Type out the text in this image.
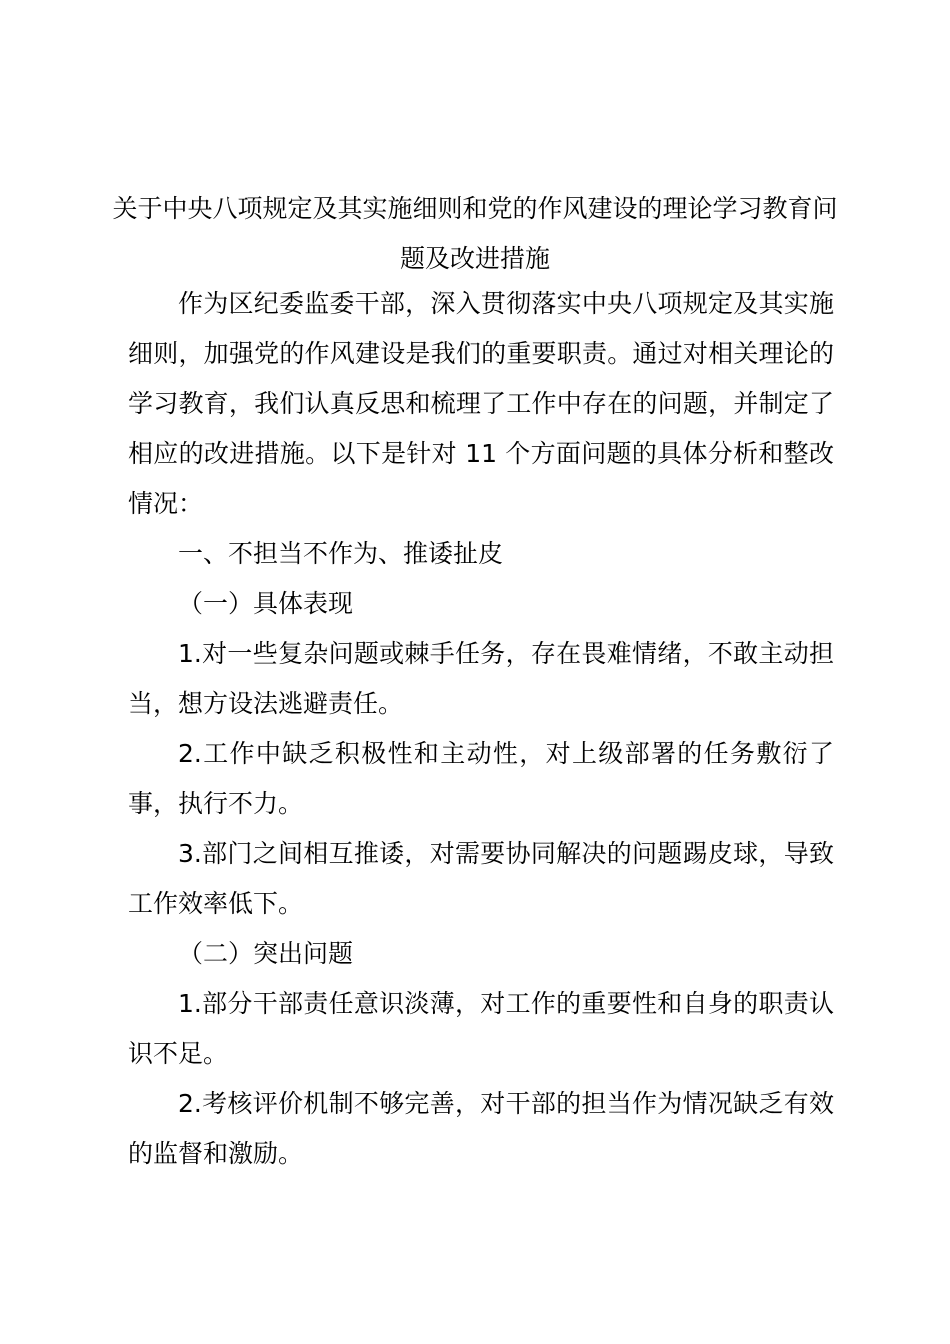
关于中央八项规定及其实施细则和党的作风建设的理论学习教育问题及改进措施

作为区纪委监委干部，深入贯彻落实中央八项规定及其实施细则，加强党的作风建设是我们的重要职责。通过对相关理论的学习教育，我们认真反思和梳理了工作中存在的问题，并制定了相应的改进措施。以下是针对 11 个方面问题的具体分析和整改情况：

一、不担当不作为、推诿扯皮

（一）具体表现

1.对一些复杂问题或棘手任务，存在畏难情绪，不敢主动担当，想方设法逃避责任。

2.工作中缺乏积极性和主动性，对上级部署的任务敷衍了事，执行不力。

3.部门之间相互推诿，对需要协同解决的问题踢皮球，导致工作效率低下。

（二）突出问题

1.部分干部责任意识淡薄，对工作的重要性和自身的职责认识不足。

2.考核评价机制不够完善，对干部的担当作为情况缺乏有效的监督和激励。
